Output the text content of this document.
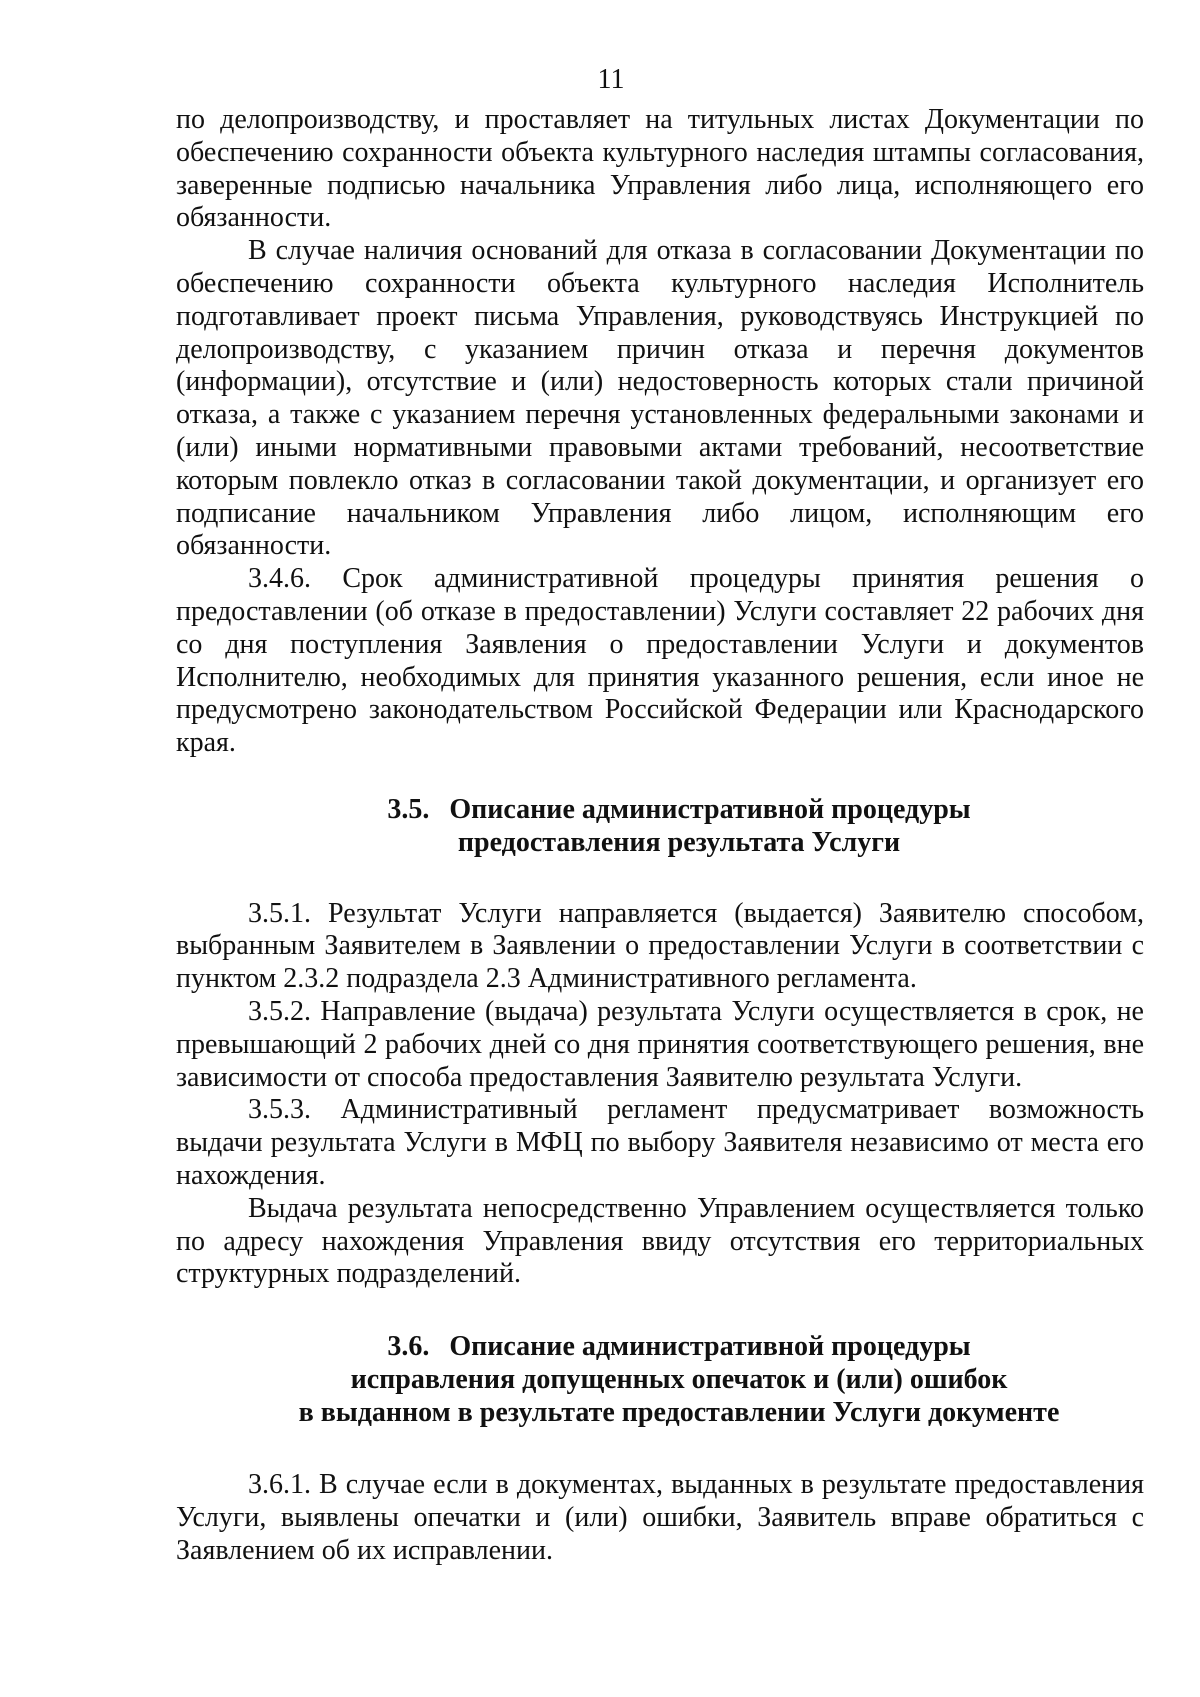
11

по делопроизводству, и проставляет на титульных листах Документации по обеспечению сохранности объекта культурного наследия штампы согласования, заверенные подписью начальника Управления либо лица, исполняющего его обязанности.

В случае наличия оснований для отказа в согласовании Документации по обеспечению сохранности объекта культурного наследия Исполнитель подготавливает проект письма Управления, руководствуясь Инструкцией по делопроизводству, с указанием причин отказа и перечня документов (информации), отсутствие и (или) недостоверность которых стали причиной отказа, а также с указанием перечня установленных федеральными законами и (или) иными нормативными правовыми актами требований, несоответствие которым повлекло отказ в согласовании такой документации, и организует его подписание начальником Управления либо лицом, исполняющим его обязанности.

3.4.6. Срок административной процедуры принятия решения о предоставлении (об отказе в предоставлении) Услуги составляет 22 рабочих дня со дня поступления Заявления о предоставлении Услуги и документов Исполнителю, необходимых для принятия указанного решения, если иное не предусмотрено законодательством Российской Федерации или Краснодарского края.

3.5. Описание административной процедуры
предоставления результата Услуги

3.5.1. Результат Услуги направляется (выдается) Заявителю способом, выбранным Заявителем в Заявлении о предоставлении Услуги в соответствии с пунктом 2.3.2 подраздела 2.3 Административного регламента.

3.5.2. Направление (выдача) результата Услуги осуществляется в срок, не превышающий 2 рабочих дней со дня принятия соответствующего решения, вне зависимости от способа предоставления Заявителю результата Услуги.

3.5.3. Административный регламент предусматривает возможность выдачи результата Услуги в МФЦ по выбору Заявителя независимо от места его нахождения.

Выдача результата непосредственно Управлением осуществляется только по адресу нахождения Управления ввиду отсутствия его территориальных структурных подразделений.

3.6. Описание административной процедуры
исправления допущенных опечаток и (или) ошибок
в выданном в результате предоставлении Услуги документе

3.6.1. В случае если в документах, выданных в результате предоставления Услуги, выявлены опечатки и (или) ошибки, Заявитель вправе обратиться с Заявлением об их исправлении.
